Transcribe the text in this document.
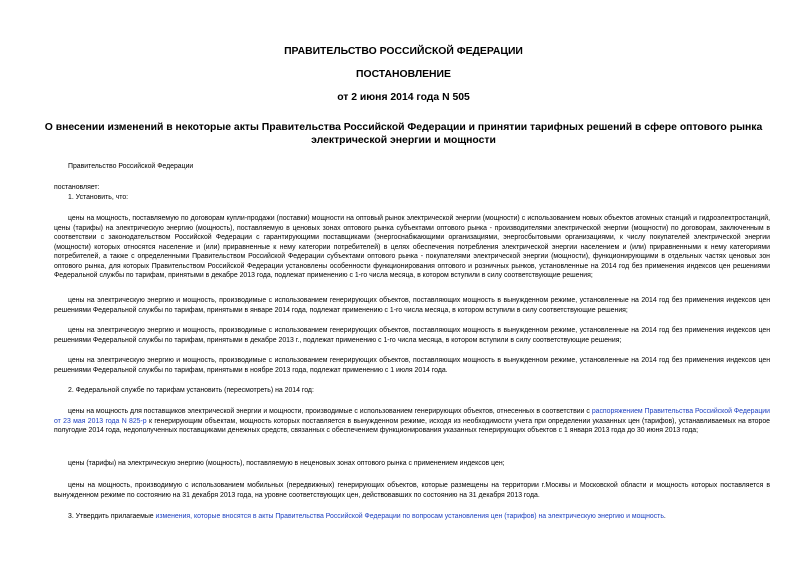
ПРАВИТЕЛЬСТВО РОССИЙСКОЙ ФЕДЕРАЦИИ
ПОСТАНОВЛЕНИЕ
от 2 июня 2014 года N 505
О внесении изменений в некоторые акты Правительства Российской Федерации и принятии тарифных решений в сфере оптового рынка электрической энергии и мощности
Правительство Российской Федерации
постановляет:
1. Установить, что:
цены на мощность, поставляемую по договорам купли-продажи (поставки) мощности на оптовый рынок электрической энергии (мощности) с использованием новых объектов атомных станций и гидроэлектростанций, цены (тарифы) на электрическую энергию (мощность), поставляемую в ценовых зонах оптового рынка субъектами оптового рынка - производителями электрической энергии (мощности) по договорам, заключенным в соответствии с законодательством Российской Федерации с гарантирующими поставщиками (энергоснабжающими организациями, энергосбытовыми организациями, к числу покупателей электрической энергии (мощности) которых относятся население и (или) приравненные к нему категории потребителей) в целях обеспечения потребления электрической энергии населением и (или) приравненными к нему категориями потребителей, а также с определенными Правительством Российской Федерации субъектами оптового рынка - покупателями электрической энергии (мощности), функционирующими в отдельных частях ценовых зон оптового рынка, для которых Правительством Российской Федерации установлены особенности функционирования оптового и розничных рынков, установленные на 2014 год без применения индексов цен решениями Федеральной службы по тарифам, принятыми в декабре 2013 года, подлежат применению с 1-го числа месяца, в котором вступили в силу соответствующие решения;
цены на электрическую энергию и мощность, производимые с использованием генерирующих объектов, поставляющих мощность в вынужденном режиме, установленные на 2014 год без применения индексов цен решениями Федеральной службы по тарифам, принятыми в январе 2014 года, подлежат применению с 1-го числа месяца, в котором вступили в силу соответствующие решения;
цены на электрическую энергию и мощность, производимые с использованием генерирующих объектов, поставляющих мощность в вынужденном режиме, установленные на 2014 год без применения индексов цен решениями Федеральной службы по тарифам, принятыми в декабре 2013 г., подлежат применению с 1-го числа месяца, в котором вступили в силу соответствующие решения;
цены на электрическую энергию и мощность, производимые с использованием генерирующих объектов, поставляющих мощность в вынужденном режиме, установленные на 2014 год без применения индексов цен решениями Федеральной службы по тарифам, принятыми в ноябре 2013 года, подлежат применению с 1 июля 2014 года.
2. Федеральной службе по тарифам установить (пересмотреть) на 2014 год:
цены на мощность для поставщиков электрической энергии и мощности, производимые с использованием генерирующих объектов, отнесенных в соответствии с распоряжением Правительства Российской Федерации от 23 мая 2013 года N 825-р к генерирующим объектам, мощность которых поставляется в вынужденном режиме, исходя из необходимости учета при определении указанных цен (тарифов), устанавливаемых на второе полугодие 2014 года, недополученных поставщиками денежных средств, связанных с обеспечением функционирования указанных генерирующих объектов с 1 января 2013 года до 30 июня 2013 года;
цены (тарифы) на электрическую энергию (мощность), поставляемую в неценовых зонах оптового рынка с применением индексов цен;
цены на мощность, производимую с использованием мобильных (передвижных) генерирующих объектов, которые размещены на территории г.Москвы и Московской области и мощность которых поставляется в вынужденном режиме по состоянию на 31 декабря 2013 года, на уровне соответствующих цен, действовавших по состоянию на 31 декабря 2013 года.
3. Утвердить прилагаемые изменения, которые вносятся в акты Правительства Российской Федерации по вопросам установления цен (тарифов) на электрическую энергию и мощность.
